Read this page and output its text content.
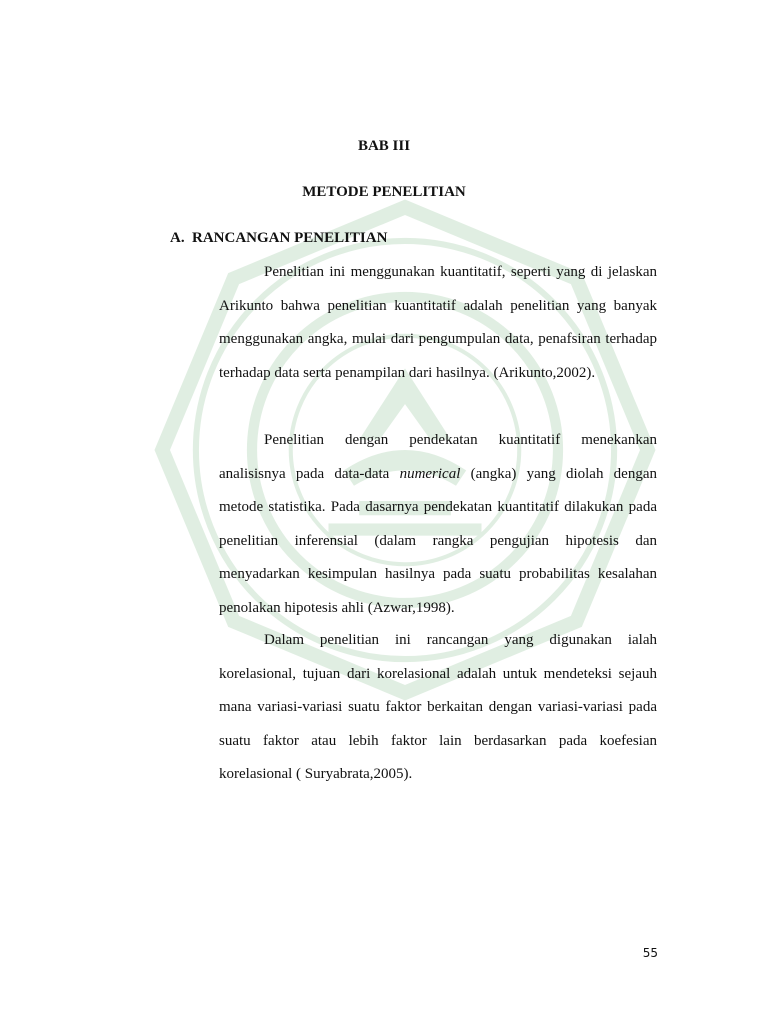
BAB III
METODE PENELITIAN
A. RANCANGAN PENELITIAN

Penelitian ini menggunakan kuantitatif, seperti yang di jelaskan Arikunto bahwa penelitian kuantitatif adalah penelitian yang banyak menggunakan angka, mulai dari pengumpulan data, penafsiran terhadap terhadap data serta penampilan dari hasilnya. (Arikunto,2002).

Penelitian dengan pendekatan kuantitatif menekankan analisisnya pada data-data numerical (angka) yang diolah dengan metode statistika. Pada dasarnya pendekatan kuantitatif dilakukan pada penelitian inferensial (dalam rangka pengujian hipotesis dan menyadarkan kesimpulan hasilnya pada suatu probabilitas kesalahan penolakan hipotesis ahli (Azwar,1998).

Dalam penelitian ini rancangan yang digunakan ialah korelasional, tujuan dari korelasional adalah untuk mendeteksi sejauh mana variasi-variasi suatu faktor berkaitan dengan variasi-variasi pada suatu faktor atau lebih faktor lain berdasarkan pada koefesian korelasional ( Suryabrata,2005).

55
